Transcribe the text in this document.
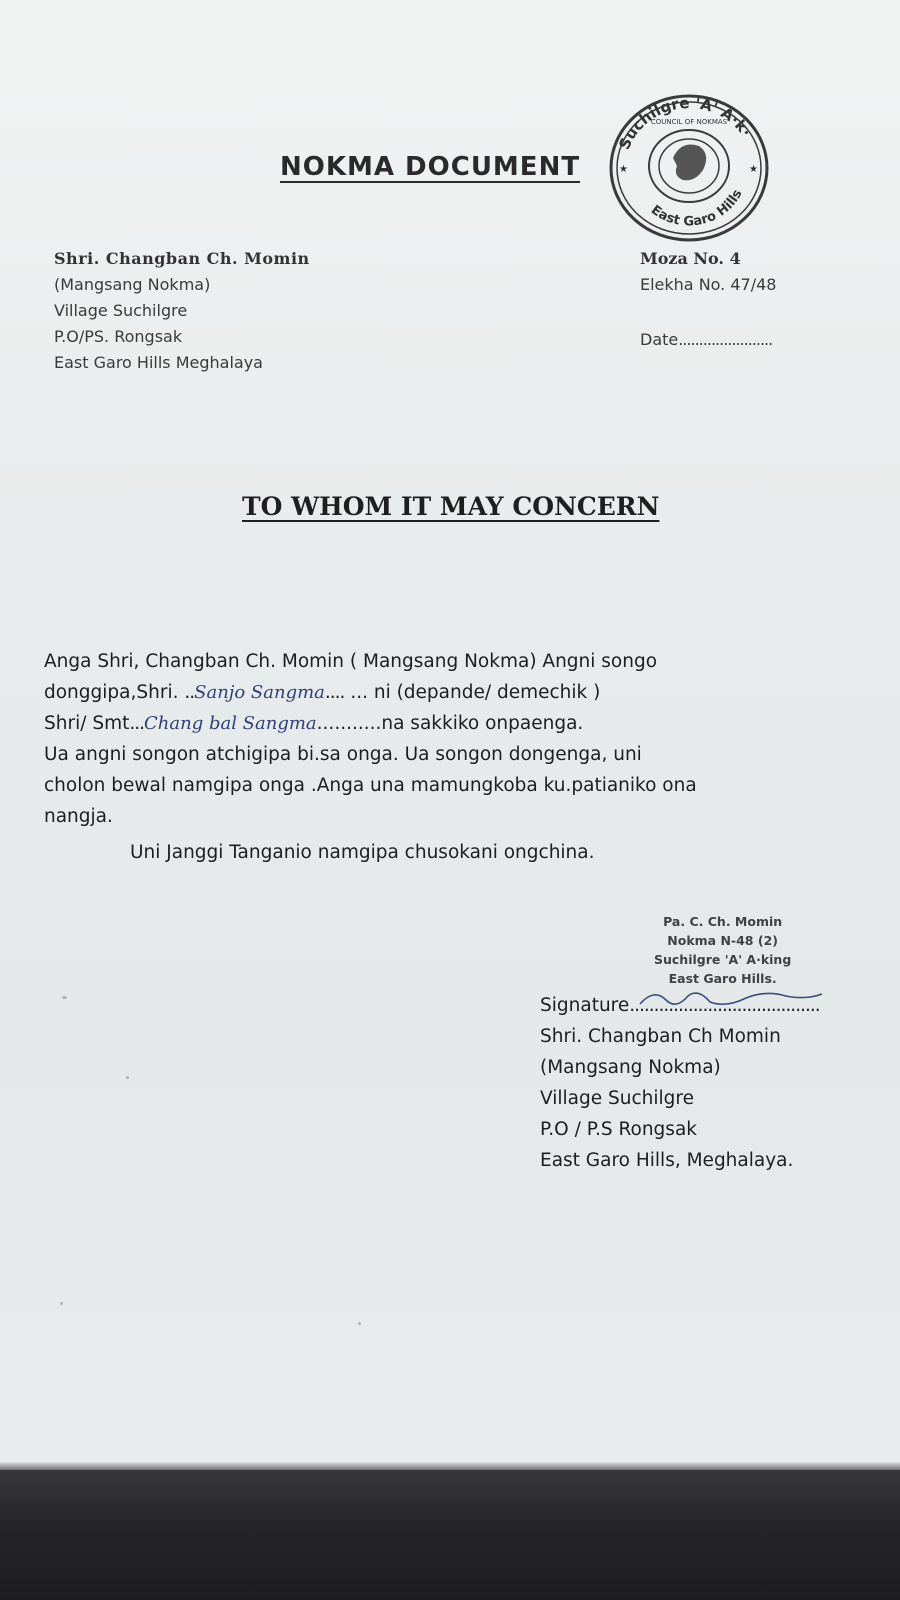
NOKMA DOCUMENT
Suchilgre 'A' A·k·
East Garo Hills
COUNCIL OF NOKMAS
★	★
Shri. Changban Ch. Momin
(Mangsang Nokma)
Village Suchilgre
P.O/PS. Rongsak
East Garo Hills Meghalaya
Moza No. 4
Elekha No. 47/48
Date.......................
TO WHOM IT MAY CONCERN
Anga Shri, Changban Ch. Momin ( Mangsang Nokma) Angni songo
donggipa,Shri. ..Sanjo Sangma.... ... ni (depande/ demechik )
Shri/ Smt...Chang bal Sangma...........na sakkiko onpaenga.
Ua angni songon atchigipa bi.sa onga. Ua songon dongenga, uni
cholon bewal namgipa onga .Anga una mamungkoba ku.patianiko ona
nangja.
Uni Janggi Tanganio namgipa chusokani ongchina.
Pa. C. Ch. Momin
Nokma N-48 (2)
Suchilgre 'A' A·king
East Garo Hills.
Signature.......................................
Shri. Changban Ch Momin
(Mangsang Nokma)
Village Suchilgre
P.O / P.S Rongsak
East Garo Hills, Meghalaya.
